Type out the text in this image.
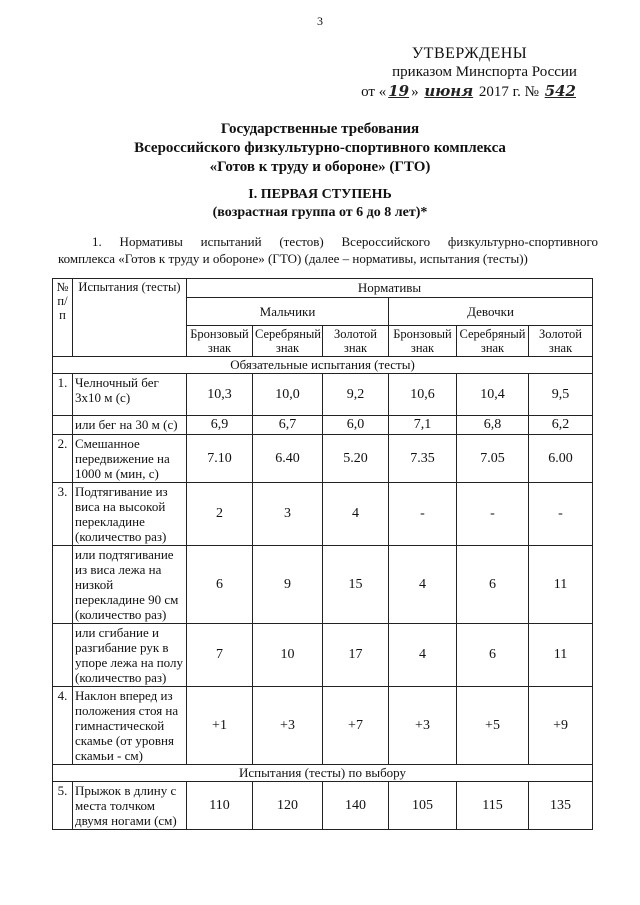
3
УТВЕРЖДЕНЫ
приказом Минспорта России
от « 19 » июня 2017 г. № 542
Государственные требования
Всероссийского физкультурно-спортивного комплекса
«Готов к труду и обороне» (ГТО)
I. ПЕРВАЯ СТУПЕНЬ
(возрастная группа от 6 до 8 лет)*
1. Нормативы испытаний (тестов) Всероссийского физкультурно-спортивного
комплекса «Готов к труду и обороне» (ГТО) (далее – нормативы, испытания (тесты))
№ п/п	Испытания (тесты)	Нормативы					
		Мальчики			Девочки		
		Бронзовый знак	Серебряный знак	Золотой знак	Бронзовый знак	Серебряный знак	Золотой знак
Обязательные испытания (тесты)							
1.	Челночный бег 3х10 м (с)	10,3	10,0	9,2	10,6	10,4	9,5
	или бег на 30 м (с)	6,9	6,7	6,0	7,1	6,8	6,2
2.	Смешанное передвижение на 1000 м (мин, с)	7.10	6.40	5.20	7.35	7.05	6.00
3.	Подтягивание из виса на высокой перекладине (количество раз)	2	3	4	-	-	-
	или подтягивание из виса лежа на низкой перекладине 90 см (количество раз)	6	9	15	4	6	11
	или сгибание и разгибание рук в упоре лежа на полу (количество раз)	7	10	17	4	6	11
4.	Наклон вперед из положения стоя на гимнастической скамье (от уровня скамьи - см)	+1	+3	+7	+3	+5	+9
Испытания (тесты) по выбору							
5.	Прыжок в длину с места толчком двумя ногами (см)	110	120	140	105	115	135
